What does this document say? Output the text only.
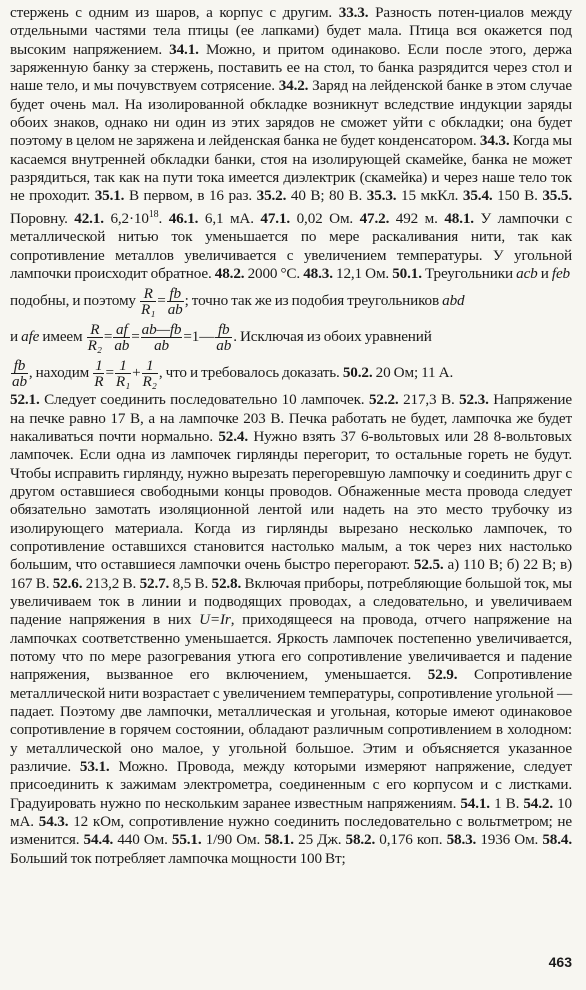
стержень с одним из шаров, а корпус с другим. 33.3. Разность потен-циалов между отдельными частями тела птицы (ее лапками) будет мала. Птица вся окажется под высоким напряжением. 34.1. Можно, и притом одинаково. Если после этого, держа заряженную банку за стержень, поставить ее на стол, то банка разрядится через стол и наше тело, и мы почувствуем сотрясение. 34.2. Заряд на лейденской банке в этом случае будет очень мал. На изолированной обкладке возникнут вследствие индукции заряды обоих знаков, однако ни один из этих зарядов не сможет уйти с обкладки; она будет поэтому в целом не заряжена и лейденская банка не будет конденсатором. 34.3. Когда мы касаемся внутренней обкладки банки, стоя на изолирующей скамейке, банка не может разрядиться, так как на пути тока имеется диэлектрик (скамейка) и через наше тело ток не проходит. 35.1. В первом, в 16 раз. 35.2. 40 В; 80 В. 35.3. 15 мкКл. 35.4. 150 В. 35.5. Поровну. 42.1. $6,2\cdot 10^{18}$. 46.1. 6,1 мА. 47.1. 0,02 Ом. 47.2. 492 м. 48.1. У лампочки с металлической нитью ток уменьшается по мере раскаливания нити, так как сопротивление металлов увеличивается с увеличением температуры. У угольной лампочки происходит обратное. 48.2. 2000 °С. 48.3. 12,1 Ом. 50.1. Треугольники acb и feb

подобны, и поэтому $\frac{R}{\text{R₁}} = \frac{fb}{ab}$ ; точно так же из подобия треугольников abd

и afe имеем $\frac{R}{\text{R₂}} = \frac{af}{ab} = \frac{ab—fb}{ab}$ =1— $\frac{fb}{ab}$ . Исключая из обоих уравнений

$\frac{fb}{ab}$ , находим $\frac{1}{R} = \frac{1}{\text{R₁}} + \frac{1}{\text{R₂}}$ , что и требовалось доказать. 50.2. 20 Ом; 11 А.

52.1. Следует соединить последовательно 10 лампочек. 52.2. 217,3 В. 52.3. Напряжение на печке равно 17 В, а на лампочке 203 В. Печка работать не будет, лампочка же будет накаливаться почти нормально. 52.4. Нужно взять 37 6-вольтовых или 28 8-вольтовых лампочек. Если одна из лампочек гирлянды перегорит, то остальные гореть не будут. Чтобы исправить гирлянду, нужно вырезать перегоревшую лампочку и соединить друг с другом оставшиеся свободными концы проводов. Обнаженные места провода следует обязательно замотать изоляционной лентой или надеть на это место трубочку из изолирующего материала. Когда из гирлянды вырезано несколько лампочек, то сопротивление оставшихся становится настолько малым, а ток через них настолько большим, что оставшиеся лампочки очень быстро перегорают. 52.5. а) 110 В; б) 22 В; в) 167 В. 52.6. 213,2 В. 52.7. 8,5 В. 52.8. Включая приборы, потребляющие большой ток, мы увеличиваем ток в линии и подводящих проводах, а следовательно, и увеличиваем падение напряжения в них U=Ir, приходящееся на провода, отчего напряжение на лампочках соответственно уменьшается. Яркость лампочек постепенно увеличивается, потому что по мере разогревания утюга его сопротивление увеличивается и падение напряжения, вызванное его включением, уменьшается. 52.9. Сопротивление металлической нити возрастает с увеличением температуры, сопротивление угольной — падает. Поэтому две лампочки, металлическая и угольная, которые имеют одинаковое сопротивление в горячем состоянии, обладают различным сопротивлением в холодном: у металлической оно малое, у угольной большое. Этим и объясняется указанное различие. 53.1. Можно. Провода, между которыми измеряют напряжение, следует присоединить к зажимам электрометра, соединенным с его корпусом и с листками. Градуировать нужно по нескольким заранее известным напряжениям. 54.1. 1 В. 54.2. 10 мА. 54.3. 12 кОм, сопротивление нужно соединить последовательно с вольтметром; не изменится. 54.4. 440 Ом. 55.1. 1/90 Ом. 58.1. 25 Дж. 58.2. 0,176 коп. 58.3. 1936 Ом. 58.4. Больший ток потребляет лампочка мощности 100 Вт;

463
